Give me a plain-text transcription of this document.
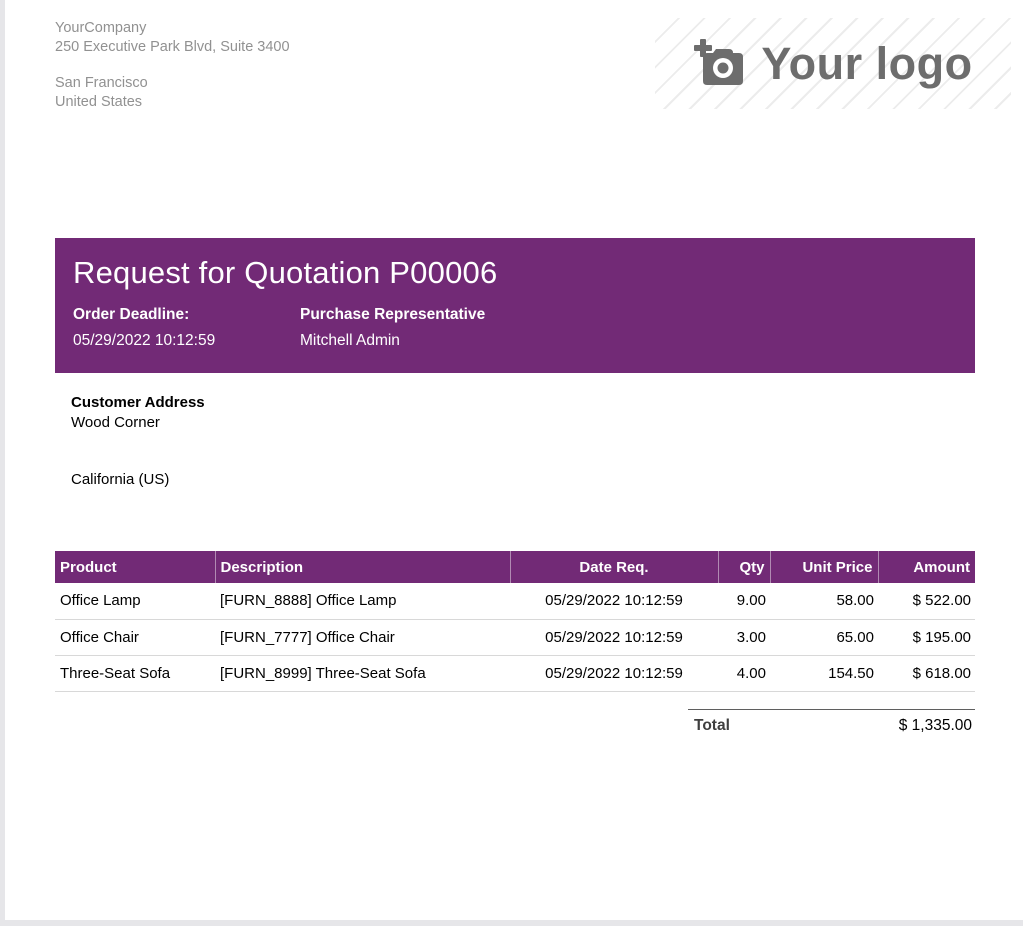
YourCompany
250 Executive Park Blvd, Suite 3400
San Francisco
United States
Your logo
Request for Quotation P00006
Order Deadline:
05/29/2022 10:12:59
Purchase Representative
Mitchell Admin
Customer Address
Wood Corner
California (US)
Product	Description	Date Req.	Qty	Unit Price	Amount
Office Lamp	[FURN_8888] Office Lamp	05/29/2022 10:12:59	9.00	58.00	$ 522.00
Office Chair	[FURN_7777] Office Chair	05/29/2022 10:12:59	3.00	65.00	$ 195.00
Three-Seat Sofa	[FURN_8999] Three-Seat Sofa	05/29/2022 10:12:59	4.00	154.50	$ 618.00
Total	$ 1,335.00
